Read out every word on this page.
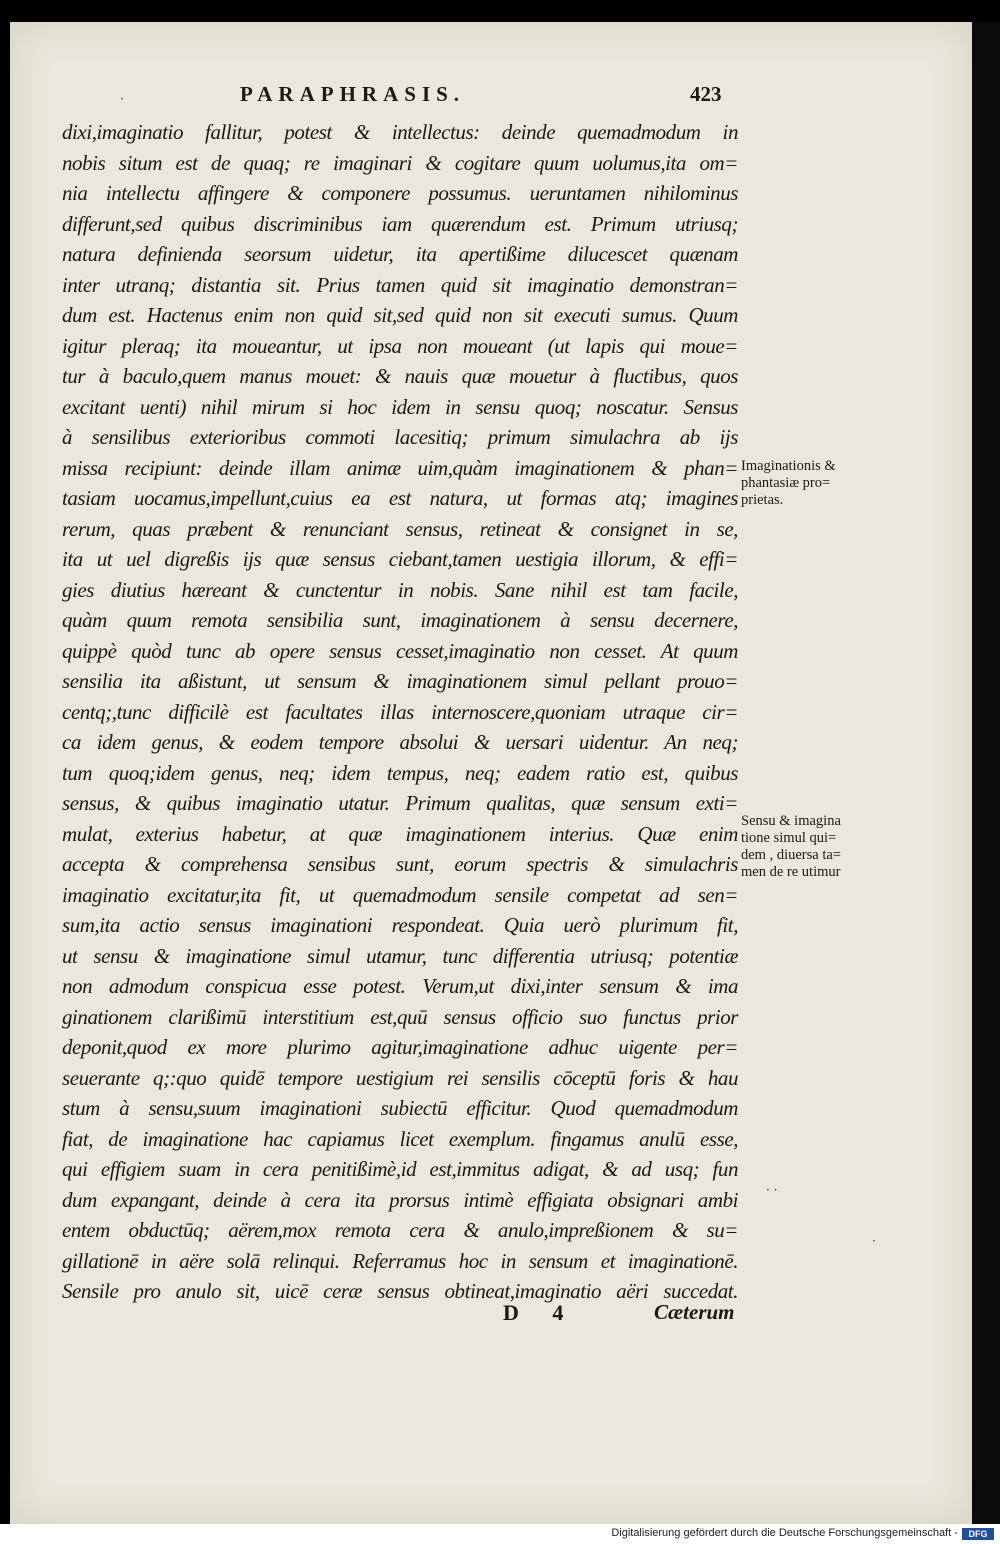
·	PARAPHRASIS.	423
dixi,imaginatio fallitur, potest & intellectus: deinde quemadmodum in
nobis situm est de quaq; re imaginari & cogitare quum uolumus,ita om=
nia intellectu affingere & componere possumus. ueruntamen nihilominus
differunt,sed quibus discriminibus iam quærendum est. Primum utriusq;
natura definienda seorsum uidetur, ita apertißime dilucescet quænam
inter utranq; distantia sit. Prius tamen quid sit imaginatio demonstran=
dum est. Hactenus enim non quid sit,sed quid non sit executi sumus. Quum
igitur pleraq; ita moueantur, ut ipsa non moueant (ut lapis qui moue=
tur à baculo,quem manus mouet: & nauis quæ mouetur à fluctibus, quos
excitant uenti) nihil mirum si hoc idem in sensu quoq; noscatur. Sensus
à sensilibus exterioribus commoti lacesitiq; primum simulachra ab ijs
missa recipiunt: deinde illam animæ uim,quàm imaginationem & phan=
tasiam uocamus,impellunt,cuius ea est natura, ut formas atq; imagines
rerum, quas præbent & renunciant sensus, retineat & consignet in se,
ita ut uel digreßis ijs quæ sensus ciebant,tamen uestigia illorum, & effi=
gies diutius hæreant & cunctentur in nobis. Sane nihil est tam facile,
quàm quum remota sensibilia sunt, imaginationem à sensu decernere,
quippè quòd tunc ab opere sensus cesset,imaginatio non cesset. At quum
sensilia ita aßistunt, ut sensum & imaginationem simul pellant prouo=
centq;,tunc difficilè est facultates illas internoscere,quoniam utraque cir=
ca idem genus, & eodem tempore absolui & uersari uidentur. An neq;
tum quoq;idem genus, neq; idem tempus, neq; eadem ratio est, quibus
sensus, & quibus imaginatio utatur. Primum qualitas, quæ sensum exti=
mulat, exterius habetur, at quæ imaginationem interius. Quæ enim
accepta & comprehensa sensibus sunt, eorum spectris & simulachris
imaginatio excitatur,ita fit, ut quemadmodum sensile competat ad sen=
sum,ita actio sensus imaginationi respondeat. Quia uerò plurimum fit,
ut sensu & imaginatione simul utamur, tunc differentia utriusq; potentiæ
non admodum conspicua esse potest. Verum,ut dixi,inter sensum & ima
ginationem clarißimū interstitium est,quū sensus officio suo functus prior
deponit,quod ex more plurimo agitur,imaginatione adhuc uigente per=
seuerante q;:quo quidē tempore uestigium rei sensilis cōceptū foris & hau
stum à sensu,suum imaginationi subiectū efficitur. Quod quemadmodum
fiat, de imaginatione hac capiamus licet exemplum. fingamus anulū esse,
qui effigiem suam in cera penitißimè,id est,immitus adigat, & ad usq; fun
dum expangant, deinde à cera ita prorsus intimè effigiata obsignari ambi
entem obductūq; aërem,mox remota cera & anulo,impreßionem & su=
gillationē in aëre solā relinqui. Referramus hoc in sensum et imaginationē.
Sensile pro anulo sit, uicē ceræ sensus obtineat,imaginatio aëri succedat.
Imaginationis &
phantasiæ pro=
prietas.
Sensu & imagina
tione simul qui=
dem , diuersa ta=
men de re utimur
· ·
·
D 4	Cæterum
Digitalisierung gefördert durch die Deutsche Forschungsgemeinschaft -	DFG
